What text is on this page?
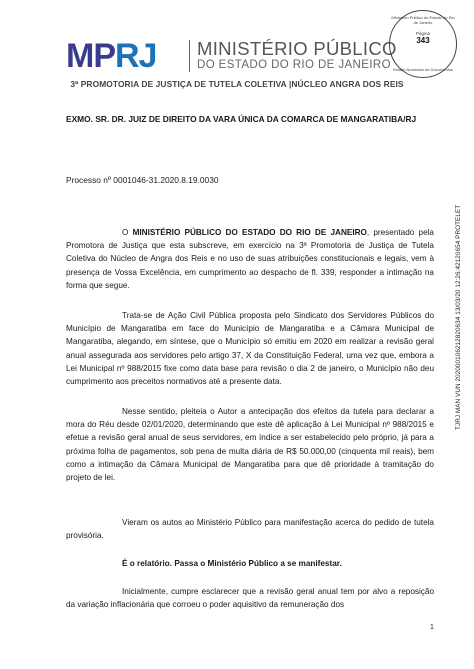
MPRJ MINISTÉRIO PÚBLICO
DO ESTADO DO RIO DE JANEIRO
Ministério Público do Estado do Rio de Janeiro
Página
343
Estado Nomeado de Documentos
3ª PROMOTORIA DE JUSTIÇA DE TUTELA COLETIVA |NÚCLEO ANGRA DOS REIS
EXMO. SR. DR. JUIZ DE DIREITO DA VARA ÚNICA DA COMARCA DE MANGARATIBA/RJ
Processo nº 0001046-31.2020.8.19.0030
O MINISTÉRIO PÚBLICO DO ESTADO DO RIO DE JANEIRO, presentado pela Promotora de Justiça que esta subscreve, em exercício na 3ª Promotoria de Justiça de Tutela Coletiva do Núcleo de Angra dos Reis e no uso de suas atribuições constitucionais e legais, vem à presença de Vossa Excelência, em cumprimento ao despacho de fl. 339, responder a intimação na forma que segue.
Trata-se de Ação Civil Pública proposta pelo Sindicato dos Servidores Públicos do Município de Mangaratiba em face do Município de Mangaratiba e a Câmara Municipal de Mangaratiba, alegando, em síntese, que o Município só emitiu em 2020 em realizar a revisão geral anual assegurada aos servidores pelo artigo 37, X da Constituição Federal, uma vez que, embora a Lei Municipal nº 988/2015 fixe como data base para revisão o dia 2 de janeiro, o Município não deu cumprimento aos preceitos normativos até a presente data.
Nesse sentido, pleiteia o Autor a antecipação dos efeitos da tutela para declarar a mora do Réu desde 02/01/2020, determinando que este dê aplicação à Lei Municipal nº 988/2015 e efetue a revisão geral anual de seus servidores, em índice a ser estabelecido pelo próprio, já para a próxima folha de pagamentos, sob pena de multa diária de R$ 50.000,00 (cinquenta mil reais), bem como a intimação da Câmara Municipal de Mangaratiba para que dê prioridade à tramitação do projeto de lei.
Vieram os autos ao Ministério Público para manifestação acerca do pedido de tutela provisória.
É o relatório. Passa o Ministério Público a se manifestar.
Inicialmente, cumpre esclarecer que a revisão geral anual tem por alvo a reposição da variação inflacionária que corroeu o poder aquisitivo da remuneração dos
TJRJ MAN VUN 202000106212820634 13/03/20 12:26:42120654 PROTELET
1
